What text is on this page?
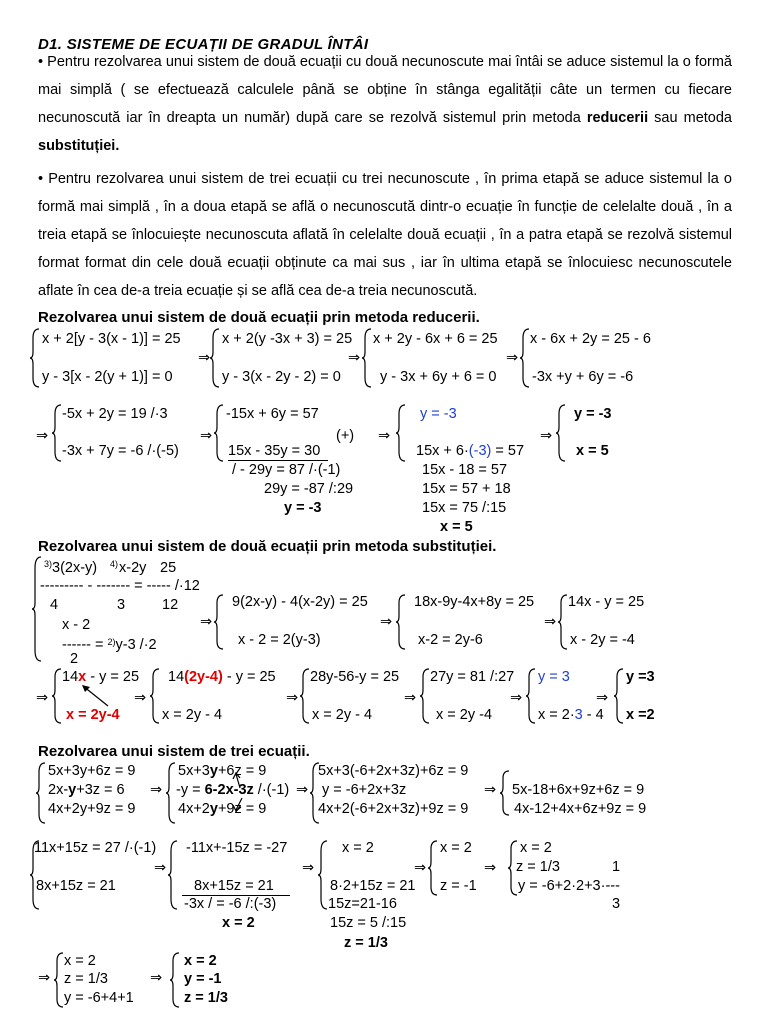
D1. SISTEME DE ECUAȚII DE GRADUL ÎNTÂI
• Pentru rezolvarea unui sistem de două ecuații cu două necunoscute mai întâi se aduce sistemul la o formă mai simplă ( se efectuează calculele până se obține în stânga egalității câte un termen cu fiecare necunoscută iar în dreapta un număr) după care se rezolvă sistemul prin metoda reducerii sau metoda substituției.
• Pentru rezolvarea unui sistem de trei ecuații cu trei necunoscute , în prima etapă se aduce sistemul la o formă mai simplă , în a doua etapă se află o necunoscută dintr-o ecuație în funcție de celelalte două , în a treia etapă se înlocuiește necunoscuta aflată în celelalte două ecuații , în a patra etapă se rezolvă sistemul format format din cele două ecuații obținute ca mai sus , iar în ultima etapă se înlocuiesc necunoscutele aflate în cea de-a treia ecuație și se află cea de-a treia necunoscută.
Rezolvarea unui sistem de două ecuații prin metoda reducerii.
x + 2[y - 3(x - 1)] = 25
y - 3[x - 2(y + 1)] = 0
⇒
x + 2(y -3x + 3) = 25
y - 3(x - 2y - 2) = 0
⇒
x + 2y - 6x + 6 = 25
y - 3x + 6y + 6 = 0
⇒
x - 6x + 2y = 25 - 6
-3x +y + 6y = -6
⇒
-5x + 2y = 19 /·3
-3x + 7y = -6 /·(-5)
⇒
-15x + 6y = 57
15x - 35y = 30
(+)
/ - 29y = 87 /·(-1)
29y = -87 /:29
y = -3
⇒
y = -3
15x + 6·(-3) = 57
15x - 18 = 57
15x = 57 + 18
15x = 75 /:15
x = 5
⇒
y = -3
x = 5
Rezolvarea unui sistem de două ecuații prin metoda substituției.
3) 3(2x-y) 4) x-2y 25
--------- - ------- = ----- /·12
4	3	12
x - 2
------ = $^{2)}$y-3 /·2
2
⇒
9(2x-y) - 4(x-2y) = 25
x - 2 = 2(y-3)
⇒
18x-9y-4x+8y = 25
x-2 = 2y-6
⇒
14x - y = 25
x - 2y = -4
⇒
14x - y = 25
x = 2y-4
⇒
14(2y-4) - y = 25
x = 2y - 4
⇒
28y-56-y = 25
x = 2y - 4
⇒
27y = 81 /:27
x = 2y -4
⇒
y = 3
x = 2·3 - 4
⇒
y =3
x =2
Rezolvarea unui sistem de trei ecuații.
5x+3y+6z = 9
2x-y+3z = 6
4x+2y+9z = 9
⇒
5x+3y+6z = 9
-y = 6-2x-3z /·(-1)
4x+2y+9z = 9
⇒
5x+3(-6+2x+3z)+6z = 9
y = -6+2x+3z
4x+2(-6+2x+3z)+9z = 9
⇒ 5x-18+6x+9z+6z = 9
4x-12+4x+6z+9z = 9
11x+15z = 27 /·(-1)
8x+15z = 21
⇒
-11x+-15z = -27
8x+15z = 21
-3x / = -6 /:(-3)
x = 2
⇒
x = 2
8·2+15z = 21
15z=21-16
15z = 5 /:15
z = 1/3
⇒
x = 2
z = -1
⇒
x = 2
z = 1/3	1
y = -6+2·2+3·---
3
⇒
x = 2
z = 1/3
y = -6+4+1
⇒
x = 2
y = -1
z = 1/3
